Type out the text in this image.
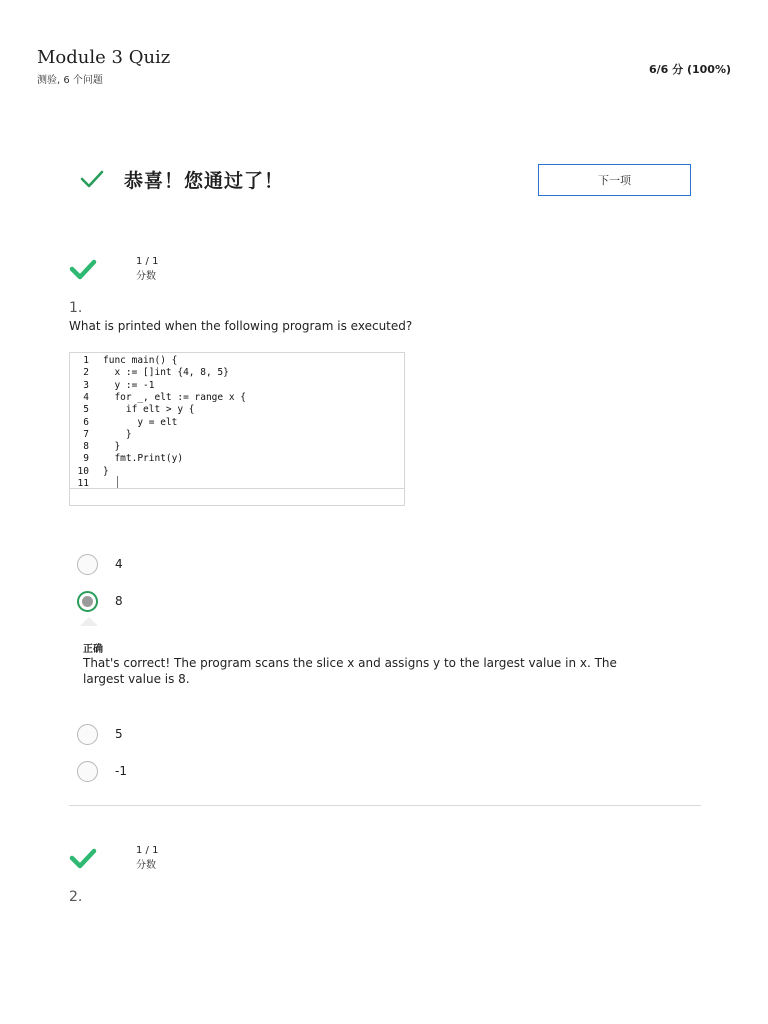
Module 3 Quiz
测验, 6 个问题
6/6 分 (100%)
恭喜！您通过了！	下一项
1 / 1
分数
1.
What is printed when the following program is executed?
1 func main() {
2  x := []int {4, 8, 5}
3  y := -1
4  for _, elt := range x {
5    if elt > y {
6      y = elt
7    }
8  }
9  fmt.Print(y)
10 }
11
4
8
正确
That's correct! The program scans the slice x and assigns y to the largest value in x. The largest value is 8.
5
-1
1 / 1
分数
2.
